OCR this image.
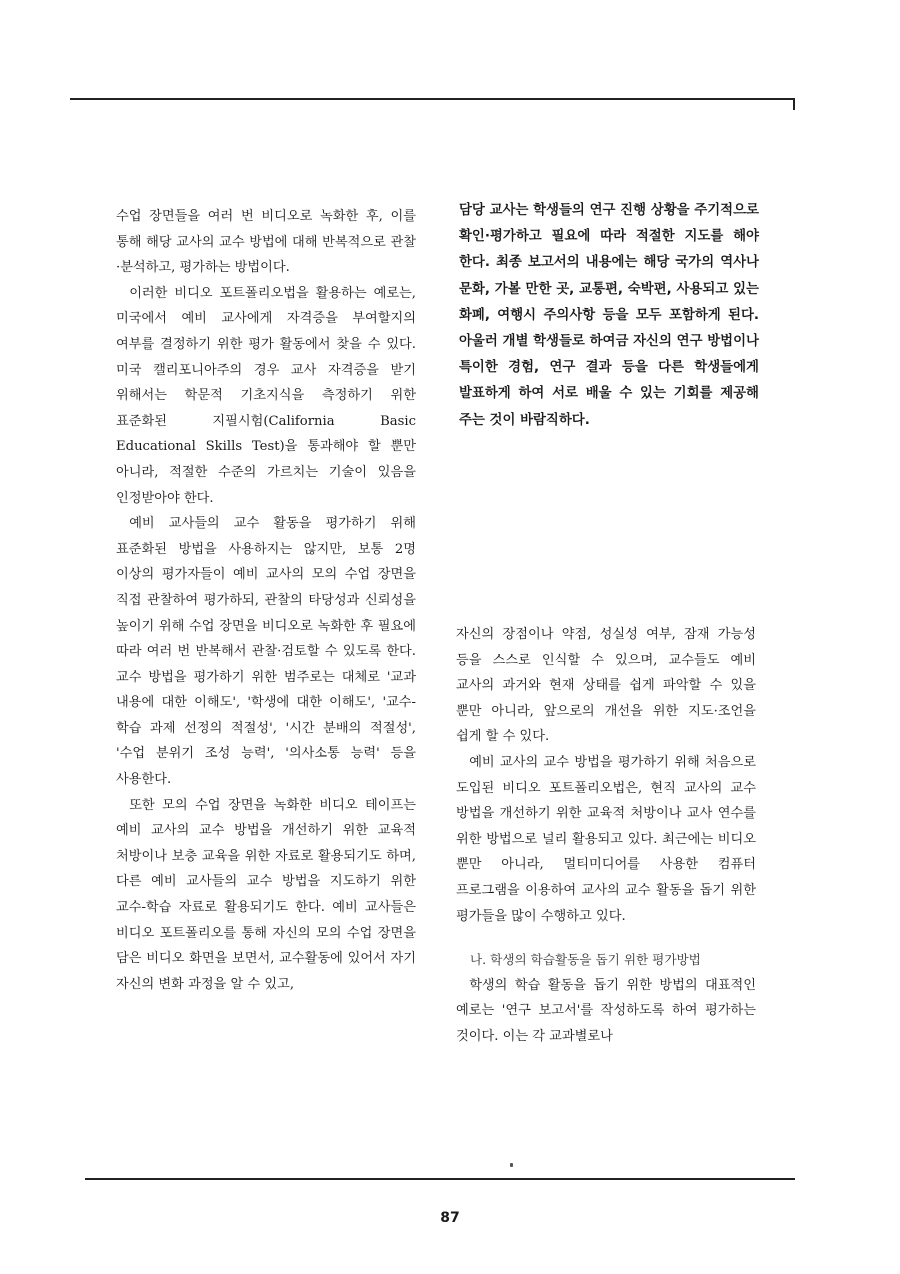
수업 장면들을 여러 번 비디오로 녹화한 후, 이를 통해 해당 교사의 교수 방법에 대해 반복적으로 관찰·분석하고, 평가하는 방법이다.

이러한 비디오 포트폴리오법을 활용하는 예로는, 미국에서 예비 교사에게 자격증을 부여할지의 여부를 결정하기 위한 평가 활동에서 찾을 수 있다. 미국 캘리포니아주의 경우 교사 자격증을 받기 위해서는 학문적 기초지식을 측정하기 위한 표준화된 지필시험(California Basic Educational Skills Test)을 통과해야 할 뿐만 아니라, 적절한 수준의 가르치는 기술이 있음을 인정받아야 한다.

예비 교사들의 교수 활동을 평가하기 위해 표준화된 방법을 사용하지는 않지만, 보통 2명 이상의 평가자들이 예비 교사의 모의 수업 장면을 직접 관찰하여 평가하되, 관찰의 타당성과 신뢰성을 높이기 위해 수업 장면을 비디오로 녹화한 후 필요에 따라 여러 번 반복해서 관찰·검토할 수 있도록 한다. 교수 방법을 평가하기 위한 범주로는 대체로 '교과 내용에 대한 이해도', '학생에 대한 이해도', '교수-학습 과제 선정의 적절성', '시간 분배의 적절성', '수업 분위기 조성 능력', '의사소통 능력' 등을 사용한다.

또한 모의 수업 장면을 녹화한 비디오 테이프는 예비 교사의 교수 방법을 개선하기 위한 교육적 처방이나 보충 교육을 위한 자료로 활용되기도 하며, 다른 예비 교사들의 교수 방법을 지도하기 위한 교수-학습 자료로 활용되기도 한다. 예비 교사들은 비디오 포트폴리오를 통해 자신의 모의 수업 장면을 담은 비디오 화면을 보면서, 교수활동에 있어서 자기 자신의 변화 과정을 알 수 있고,

담당 교사는 학생들의 연구 진행 상황을 주기적으로 확인·평가하고 필요에 따라 적절한 지도를 해야 한다. 최종 보고서의 내용에는 해당 국가의 역사나 문화, 가볼 만한 곳, 교통편, 숙박편, 사용되고 있는 화폐, 여행시 주의사항 등을 모두 포함하게 된다. 아울러 개별 학생들로 하여금 자신의 연구 방법이나 특이한 경험, 연구 결과 등을 다른 학생들에게 발표하게 하여 서로 배울 수 있는 기회를 제공해 주는 것이 바람직하다.

자신의 장점이나 약점, 성실성 여부, 잠재 가능성 등을 스스로 인식할 수 있으며, 교수들도 예비 교사의 과거와 현재 상태를 쉽게 파악할 수 있을 뿐만 아니라, 앞으로의 개선을 위한 지도·조언을 쉽게 할 수 있다.

예비 교사의 교수 방법을 평가하기 위해 처음으로 도입된 비디오 포트폴리오법은, 현직 교사의 교수 방법을 개선하기 위한 교육적 처방이나 교사 연수를 위한 방법으로 널리 활용되고 있다. 최근에는 비디오 뿐만 아니라, 멀티미디어를 사용한 컴퓨터 프로그램을 이용하여 교사의 교수 활동을 돕기 위한 평가들을 많이 수행하고 있다.

나. 학생의 학습활동을 돕기 위한 평가방법

학생의 학습 활동을 돕기 위한 방법의 대표적인 예로는 '연구 보고서'를 작성하도록 하여 평가하는 것이다. 이는 각 교과별로나

87
